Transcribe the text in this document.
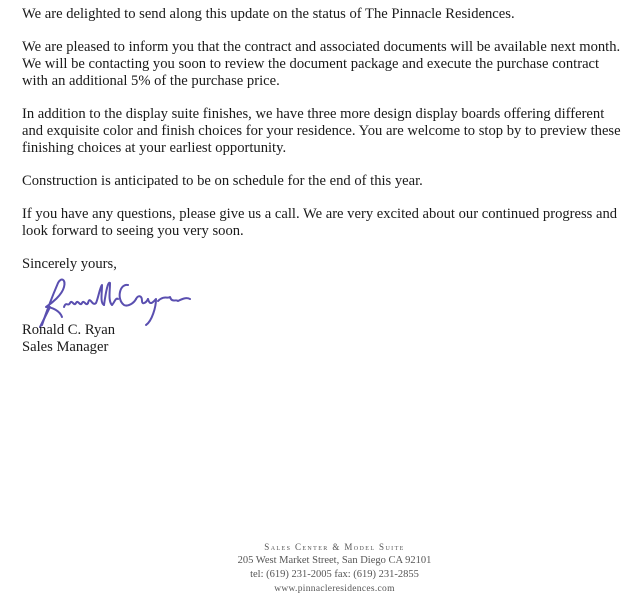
We are delighted to send along this update on the status of The Pinnacle Residences.

We are pleased to inform you that the contract and associated documents will be available next month. We will be contacting you soon to review the document package and execute the purchase contract with an additional 5% of the purchase price.

In addition to the display suite finishes, we have three more design display boards offering different and exquisite color and finish choices for your residence. You are welcome to stop by to preview these finishing choices at your earliest opportunity.

Construction is anticipated to be on schedule for the end of this year.

If you have any questions, please give us a call. We are very excited about our continued progress and look forward to seeing you very soon.

Sincerely yours,

Ronald C. Ryan
Sales Manager
Sales Center & Model Suite
205 West Market Street, San Diego CA 92101
tel: (619) 231-2005 fax: (619) 231-2855
www.pinnacleresidences.com
